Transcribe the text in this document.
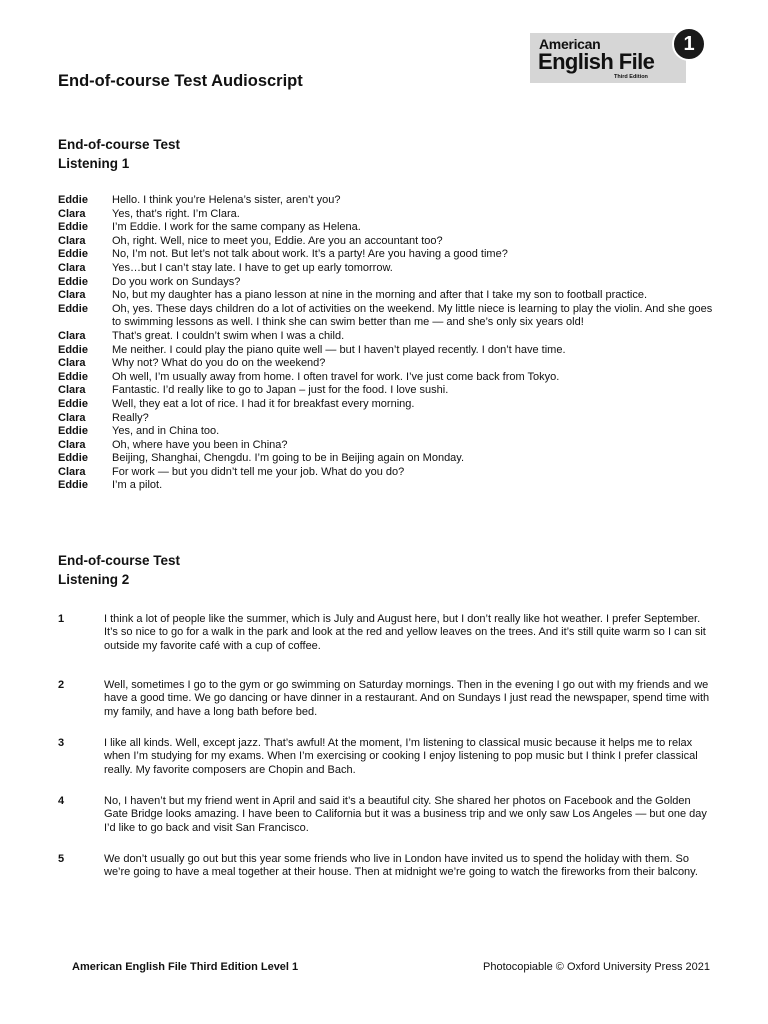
End-of-course Test Audioscript
American
English File
Third Edition
1
End-of-course Test
Listening 1
Eddie	Hello. I think you’re Helena’s sister, aren’t you?
Clara	Yes, that’s right. I’m Clara.
Eddie	I’m Eddie. I work for the same company as Helena.
Clara	Oh, right. Well, nice to meet you, Eddie. Are you an accountant too?
Eddie	No, I’m not. But let’s not talk about work. It’s a party! Are you having a good time?
Clara	Yes…but I can’t stay late. I have to get up early tomorrow.
Eddie	Do you work on Sundays?
Clara	No, but my daughter has a piano lesson at nine in the morning and after that I take my son to football practice.
Eddie	Oh, yes. These days children do a lot of activities on the weekend. My little niece is learning to play the violin. And she goes to swimming lessons as well. I think she can swim better than me — and she’s only six years old!
Clara	That’s great. I couldn’t swim when I was a child.
Eddie	Me neither. I could play the piano quite well — but I haven’t played recently. I don’t have time.
Clara	Why not? What do you do on the weekend?
Eddie	Oh well, I’m usually away from home. I often travel for work. I’ve just come back from Tokyo.
Clara	Fantastic. I’d really like to go to Japan – just for the food. I love sushi.
Eddie	Well, they eat a lot of rice. I had it for breakfast every morning.
Clara	Really?
Eddie	Yes, and in China too.
Clara	Oh, where have you been in China?
Eddie	Beijing, Shanghai, Chengdu. I’m going to be in Beijing again on Monday.
Clara	For work — but you didn’t tell me your job. What do you do?
Eddie	I’m a pilot.
End-of-course Test
Listening 2
1	I think a lot of people like the summer, which is July and August here, but I don’t really like hot weather. I prefer September. It’s so nice to go for a walk in the park and look at the red and yellow leaves on the trees. And it’s still quite warm so I can sit outside my favorite café with a cup of coffee.
2	Well, sometimes I go to the gym or go swimming on Saturday mornings. Then in the evening I go out with my friends and we have a good time. We go dancing or have dinner in a restaurant. And on Sundays I just read the newspaper, spend time with my family, and have a long bath before bed.
3	I like all kinds. Well, except jazz. That’s awful! At the moment, I’m listening to classical music because it helps me to relax when I’m studying for my exams. When I’m exercising or cooking I enjoy listening to pop music but I think I prefer classical really. My favorite composers are Chopin and Bach.
4	No, I haven’t but my friend went in April and said it’s a beautiful city. She shared her photos on Facebook and the Golden Gate Bridge looks amazing. I have been to California but it was a business trip and we only saw Los Angeles — but one day I’d like to go back and visit San Francisco.
5	We don’t usually go out but this year some friends who live in London have invited us to spend the holiday with them. So we’re going to have a meal together at their house. Then at midnight we’re going to watch the fireworks from their balcony.
American English File Third Edition Level 1	Photocopiable © Oxford University Press 2021
